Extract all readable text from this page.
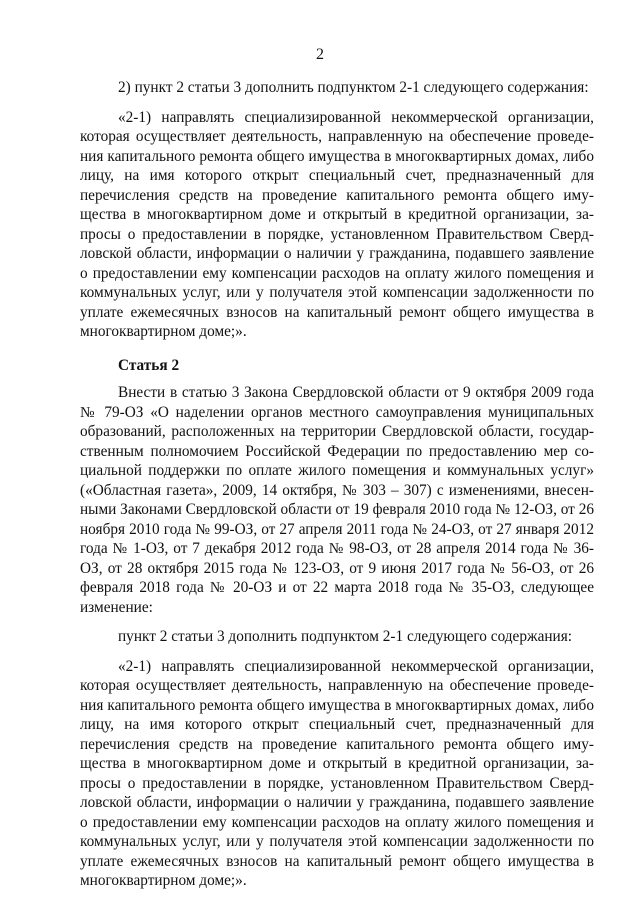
2

2) пункт 2 статьи 3 дополнить подпунктом 2-1 следующего содержания:

«2-1) направлять специализированной некоммерческой организации, которая осуществляет деятельность, направленную на обеспечение проведения капитального ремонта общего имущества в многоквартирных домах, либо лицу, на имя которого открыт специальный счет, предназначенный для перечисления средств на проведение капитального ремонта общего имущества в многоквартирном доме и открытый в кредитной организации, запросы о предоставлении в порядке, установленном Правительством Свердловской области, информации о наличии у гражданина, подавшего заявление о предоставлении ему компенсации расходов на оплату жилого помещения и коммунальных услуг, или у получателя этой компенсации задолженности по уплате ежемесячных взносов на капитальный ремонт общего имущества в многоквартирном доме;».

Статья 2

Внести в статью 3 Закона Свердловской области от 9 октября 2009 года № 79-ОЗ «О наделении органов местного самоуправления муниципальных образований, расположенных на территории Свердловской области, государственным полномочием Российской Федерации по предоставлению мер социальной поддержки по оплате жилого помещения и коммунальных услуг» («Областная газета», 2009, 14 октября, № 303 – 307) с изменениями, внесенными Законами Свердловской области от 19 февраля 2010 года № 12-ОЗ, от 26 ноября 2010 года № 99-ОЗ, от 27 апреля 2011 года № 24-ОЗ, от 27 января 2012 года № 1-ОЗ, от 7 декабря 2012 года № 98-ОЗ, от 28 апреля 2014 года № 36-ОЗ, от 28 октября 2015 года № 123-ОЗ, от 9 июня 2017 года № 56-ОЗ, от 26 февраля 2018 года № 20-ОЗ и от 22 марта 2018 года № 35-ОЗ, следующее изменение:

пункт 2 статьи 3 дополнить подпунктом 2-1 следующего содержания:

«2-1) направлять специализированной некоммерческой организации, которая осуществляет деятельность, направленную на обеспечение проведения капитального ремонта общего имущества в многоквартирных домах, либо лицу, на имя которого открыт специальный счет, предназначенный для перечисления средств на проведение капитального ремонта общего имущества в многоквартирном доме и открытый в кредитной организации, запросы о предоставлении в порядке, установленном Правительством Свердловской области, информации о наличии у гражданина, подавшего заявление о предоставлении ему компенсации расходов на оплату жилого помещения и коммунальных услуг, или у получателя этой компенсации задолженности по уплате ежемесячных взносов на капитальный ремонт общего имущества в многоквартирном доме;».
